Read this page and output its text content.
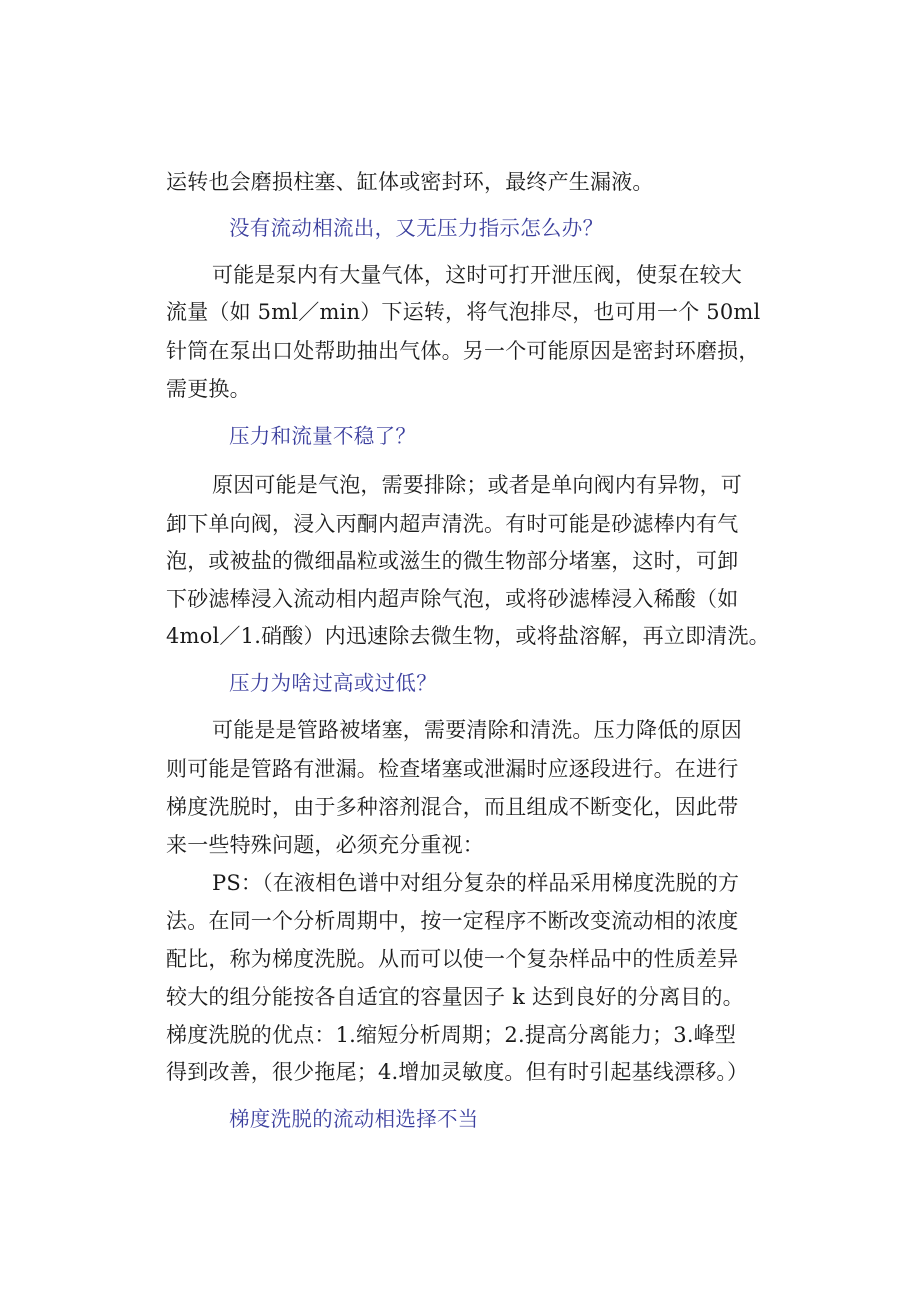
运转也会磨损柱塞、缸体或密封环，最终产生漏液。
没有流动相流出，又无压力指示怎么办？
可能是泵内有大量气体，这时可打开泄压阀，使泵在较大
流量（如 5ml／min）下运转，将气泡排尽，也可用一个 50ml
针筒在泵出口处帮助抽出气体。另一个可能原因是密封环磨损，
需更换。
压力和流量不稳了？
原因可能是气泡，需要排除；或者是单向阀内有异物，可
卸下单向阀，浸入丙酮内超声清洗。有时可能是砂滤棒内有气
泡，或被盐的微细晶粒或滋生的微生物部分堵塞，这时，可卸
下砂滤棒浸入流动相内超声除气泡，或将砂滤棒浸入稀酸（如
4mol／1.硝酸）内迅速除去微生物，或将盐溶解，再立即清洗。
压力为啥过高或过低？
可能是是管路被堵塞，需要清除和清洗。压力降低的原因
则可能是管路有泄漏。检查堵塞或泄漏时应逐段进行。在进行
梯度洗脱时，由于多种溶剂混合，而且组成不断变化，因此带
来一些特殊问题，必须充分重视：
PS：（在液相色谱中对组分复杂的样品采用梯度洗脱的方
法。在同一个分析周期中，按一定程序不断改变流动相的浓度
配比，称为梯度洗脱。从而可以使一个复杂样品中的性质差异
较大的组分能按各自适宜的容量因子 k 达到良好的分离目的。
梯度洗脱的优点：1.缩短分析周期；2.提高分离能力；3.峰型
得到改善，很少拖尾；4.增加灵敏度。但有时引起基线漂移。）
梯度洗脱的流动相选择不当
